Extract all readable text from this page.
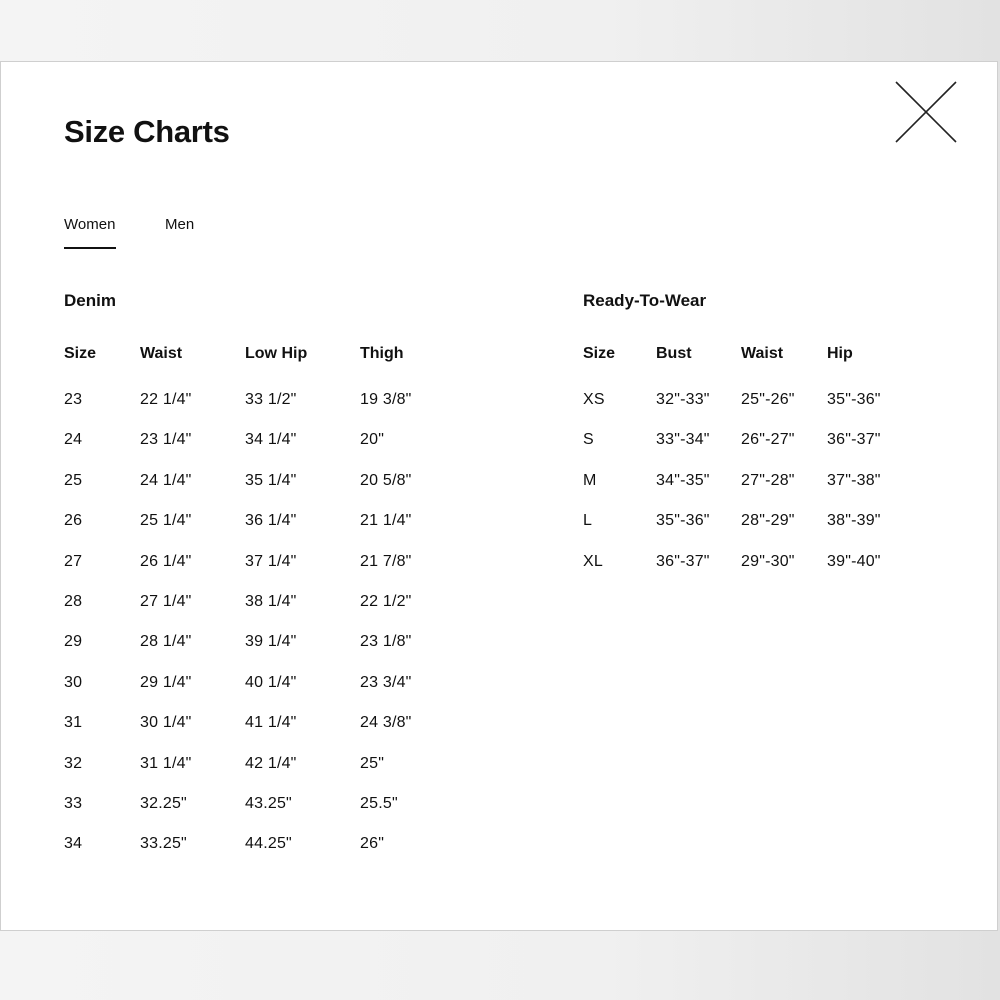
Size Charts
Women	Men
Denim
Size	Waist	Low Hip	Thigh
23	22 1/4"	33 1/2"	19 3/8"
24	23 1/4"	34 1/4"	20"
25	24 1/4"	35 1/4"	20 5/8"
26	25 1/4"	36 1/4"	21 1/4"
27	26 1/4"	37 1/4"	21 7/8"
28	27 1/4"	38 1/4"	22 1/2"
29	28 1/4"	39 1/4"	23 1/8"
30	29 1/4"	40 1/4"	23 3/4"
31	30 1/4"	41 1/4"	24 3/8"
32	31 1/4"	42 1/4"	25"
33	32.25"	43.25"	25.5"
34	33.25"	44.25"	26"
Ready-To-Wear
Size	Bust	Waist	Hip
XS	32"-33" 25"-26" 35"-36"
S	33"-34" 26"-27" 36"-37"
M	34"-35" 27"-28" 37"-38"
L	35"-36" 28"-29" 38"-39"
XL	36"-37" 29"-30" 39"-40"
